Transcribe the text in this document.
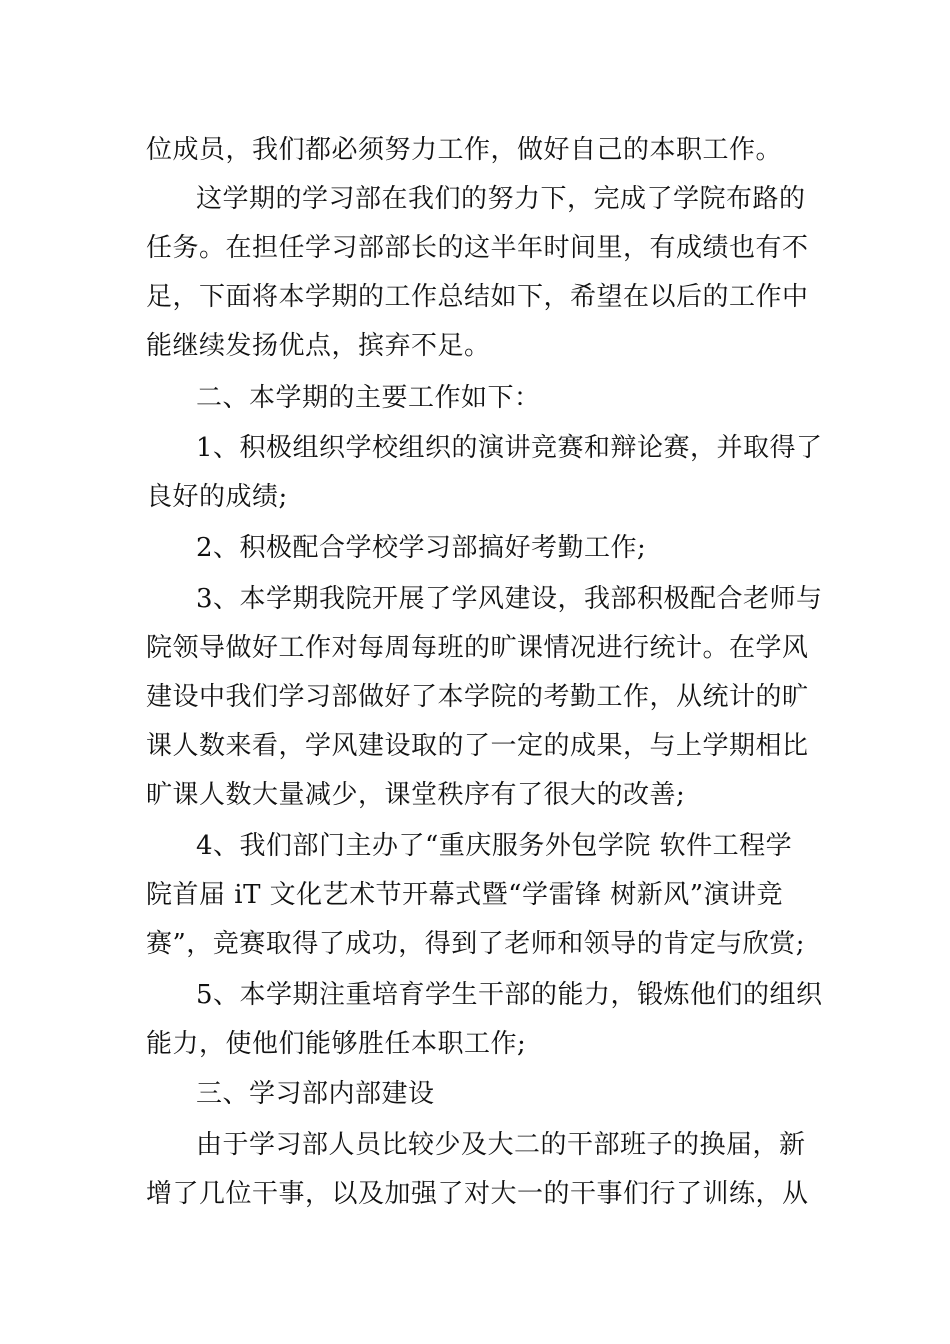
位成员，我们都必须努力工作，做好自己的本职工作。
这学期的学习部在我们的努力下，完成了学院布路的
任务。在担任学习部部长的这半年时间里，有成绩也有不
足，下面将本学期的工作总结如下，希望在以后的工作中
能继续发扬优点，摈弃不足。
二、本学期的主要工作如下：
1、积极组织学校组织的演讲竞赛和辩论赛，并取得了
良好的成绩;
2、积极配合学校学习部搞好考勤工作;
3、本学期我院开展了学风建设，我部积极配合老师与
院领导做好工作对每周每班的旷课情况进行统计。在学风
建设中我们学习部做好了本学院的考勤工作，从统计的旷
课人数来看，学风建设取的了一定的成果，与上学期相比
旷课人数大量减少，课堂秩序有了很大的改善;
4、我们部门主办了“重庆服务外包学院 软件工程学
院首届 iT 文化艺术节开幕式暨“学雷锋 树新风”演讲竞
赛”，竞赛取得了成功，得到了老师和领导的肯定与欣赏;
5、本学期注重培育学生干部的能力，锻炼他们的组织
能力，使他们能够胜任本职工作;
三、学习部内部建设
由于学习部人员比较少及大二的干部班子的换届，新
增了几位干事，以及加强了对大一的干事们行了训练，从
